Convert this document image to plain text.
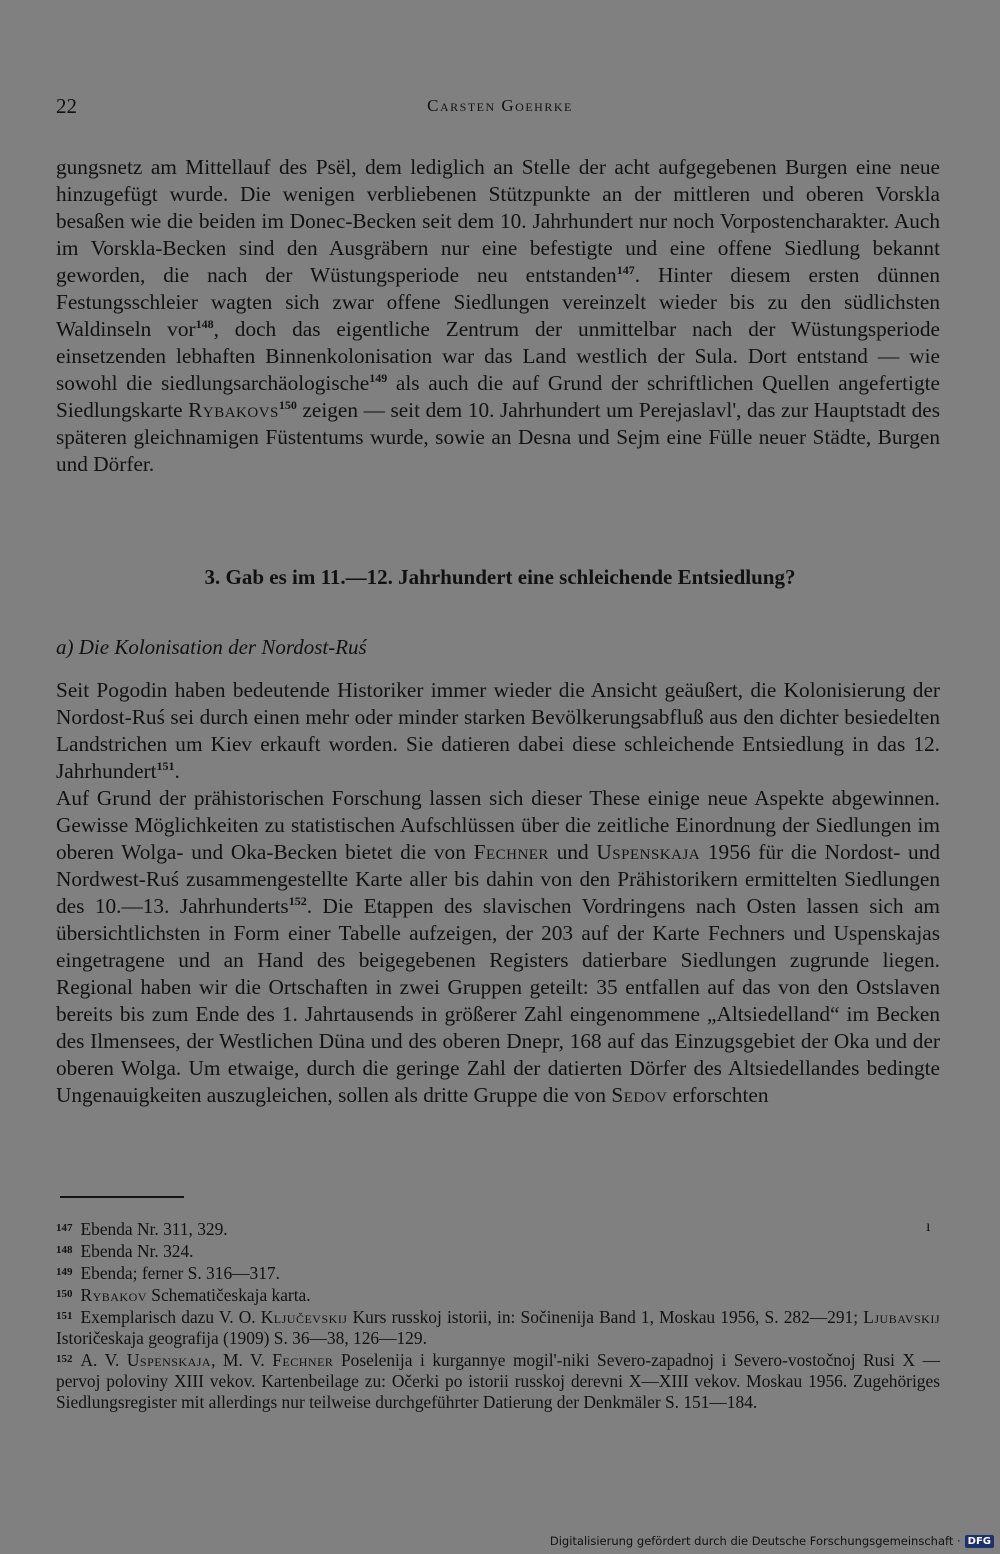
22	Carsten Goehrke

gungsnetz am Mittellauf des Psël, dem lediglich an Stelle der acht aufgegebenen Burgen eine neue hinzugefügt wurde. Die wenigen verbliebenen Stützpunkte an der mittleren und oberen Vorskla besaßen wie die beiden im Donec-Becken seit dem 10. Jahrhundert nur noch Vorpostencharakter. Auch im Vorskla-Becken sind den Ausgräbern nur eine befestigte und eine offene Siedlung bekannt geworden, die nach der Wüstungsperiode neu entstanden$^{147}$. Hinter diesem ersten dünnen Festungsschleier wagten sich zwar offene Siedlungen vereinzelt wieder bis zu den südlichsten Waldinseln vor$^{148}$, doch das eigentliche Zentrum der unmittelbar nach der Wüstungsperiode einsetzenden lebhaften Binnenkolonisation war das Land westlich der Sula. Dort entstand — wie sowohl die siedlungsarchäologische$^{149}$ als auch die auf Grund der schriftlichen Quellen angefertigte Siedlungskarte Rybakovs$^{150}$ zeigen — seit dem 10. Jahrhundert um Perejaslavl', das zur Hauptstadt des späteren gleichnamigen Füstentums wurde, sowie an Desna und Sejm eine Fülle neuer Städte, Burgen und Dörfer.

3. Gab es im 11.—12. Jahrhundert eine schleichende Entsiedlung?
a) Die Kolonisation der Nordost-Ruś

Seit Pogodin haben bedeutende Historiker immer wieder die Ansicht geäußert, die Kolonisierung der Nordost-Ruś sei durch einen mehr oder minder starken Bevölkerungsabfluß aus den dichter besiedelten Landstrichen um Kiev erkauft worden. Sie datieren dabei diese schleichende Entsiedlung in das 12. Jahrhundert$^{151}$.

Auf Grund der prähistorischen Forschung lassen sich dieser These einige neue Aspekte abgewinnen. Gewisse Möglichkeiten zu statistischen Aufschlüssen über die zeitliche Einordnung der Siedlungen im oberen Wolga- und Oka-Becken bietet die von Fechner und Uspenskaja 1956 für die Nordost- und Nordwest-Ruś zusammengestellte Karte aller bis dahin von den Prähistorikern ermittelten Siedlungen des 10.—13. Jahrhunderts$^{152}$. Die Etappen des slavischen Vordringens nach Osten lassen sich am übersichtlichsten in Form einer Tabelle aufzeigen, der 203 auf der Karte Fechners und Uspenskajas eingetragene und an Hand des beigegebenen Registers datierbare Siedlungen zugrunde liegen. Regional haben wir die Ortschaften in zwei Gruppen geteilt: 35 entfallen auf das von den Ostslaven bereits bis zum Ende des 1. Jahrtausends in größerer Zahl eingenommene „Altsiedelland“ im Becken des Ilmensees, der Westlichen Düna und des oberen Dnepr, 168 auf das Einzugsgebiet der Oka und der oberen Wolga. Um etwaige, durch die geringe Zahl der datierten Dörfer des Altsiedellandes bedingte Ungenauigkeiten auszugleichen, sollen als dritte Gruppe die von Sedov erforschten

ı

$^{147}$ Ebenda Nr. 311, 329.

$^{148}$ Ebenda Nr. 324.

$^{149}$ Ebenda; ferner S. 316—317.

$^{150}$ Rybakov Schematičeskaja karta.

$^{151}$ Exemplarisch dazu V. O. Ključevskij Kurs russkoj istorii, in: Sočinenija Band 1, Moskau 1956, S. 282—291; Ljubavskij Istoričeskaja geografija (1909) S. 36—38, 126—129.

$^{152}$ A. V. Uspenskaja, M. V. Fechner Poselenija i kurgannye mogil'-niki Severo-zapadnoj i Severo-vostočnoj Rusi X — pervoj poloviny XIII vekov. Kartenbeilage zu: Očerki po istorii russkoj derevni X—XIII vekov. Moskau 1956. Zugehöriges Siedlungsregister mit allerdings nur teilweise durchgeführter Datierung der Denkmäler S. 151—184.

Digitalisierung gefördert durch die Deutsche Forschungsgemeinschaft · DFG
